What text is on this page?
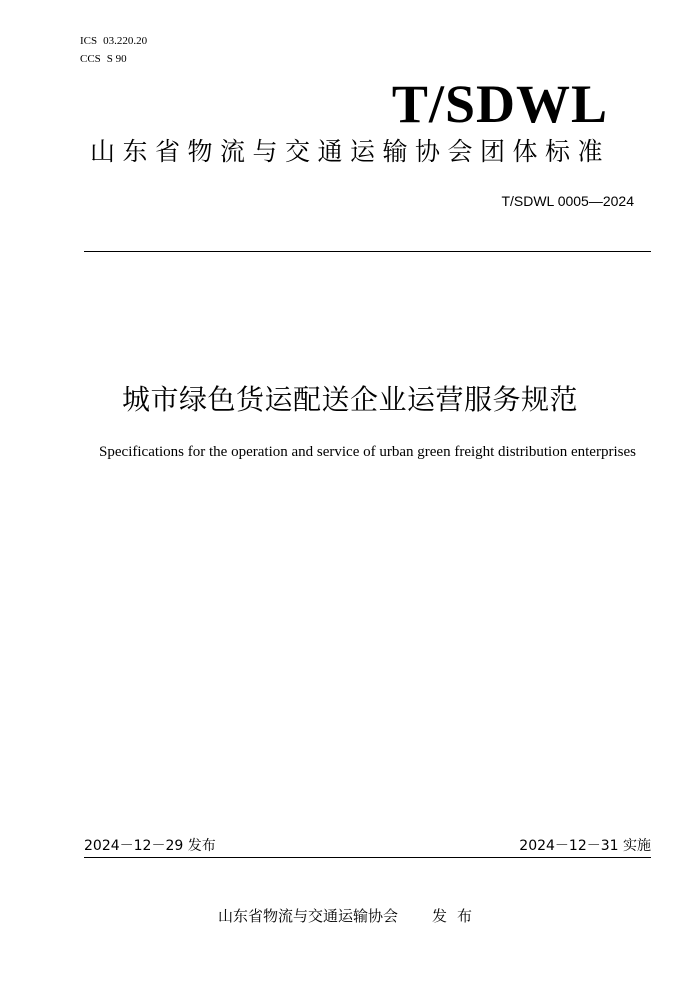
ICS 03.220.20
CCS S 90
T/SDWL
山东省物流与交通运输协会团体标准
T/SDWL 0005—2024
城市绿色货运配送企业运营服务规范
Specifications for the operation and service of urban green freight distribution enterprises
2024－12－29 发布	2024－12－31 实施
山东省物流与交通运输协会 发布
